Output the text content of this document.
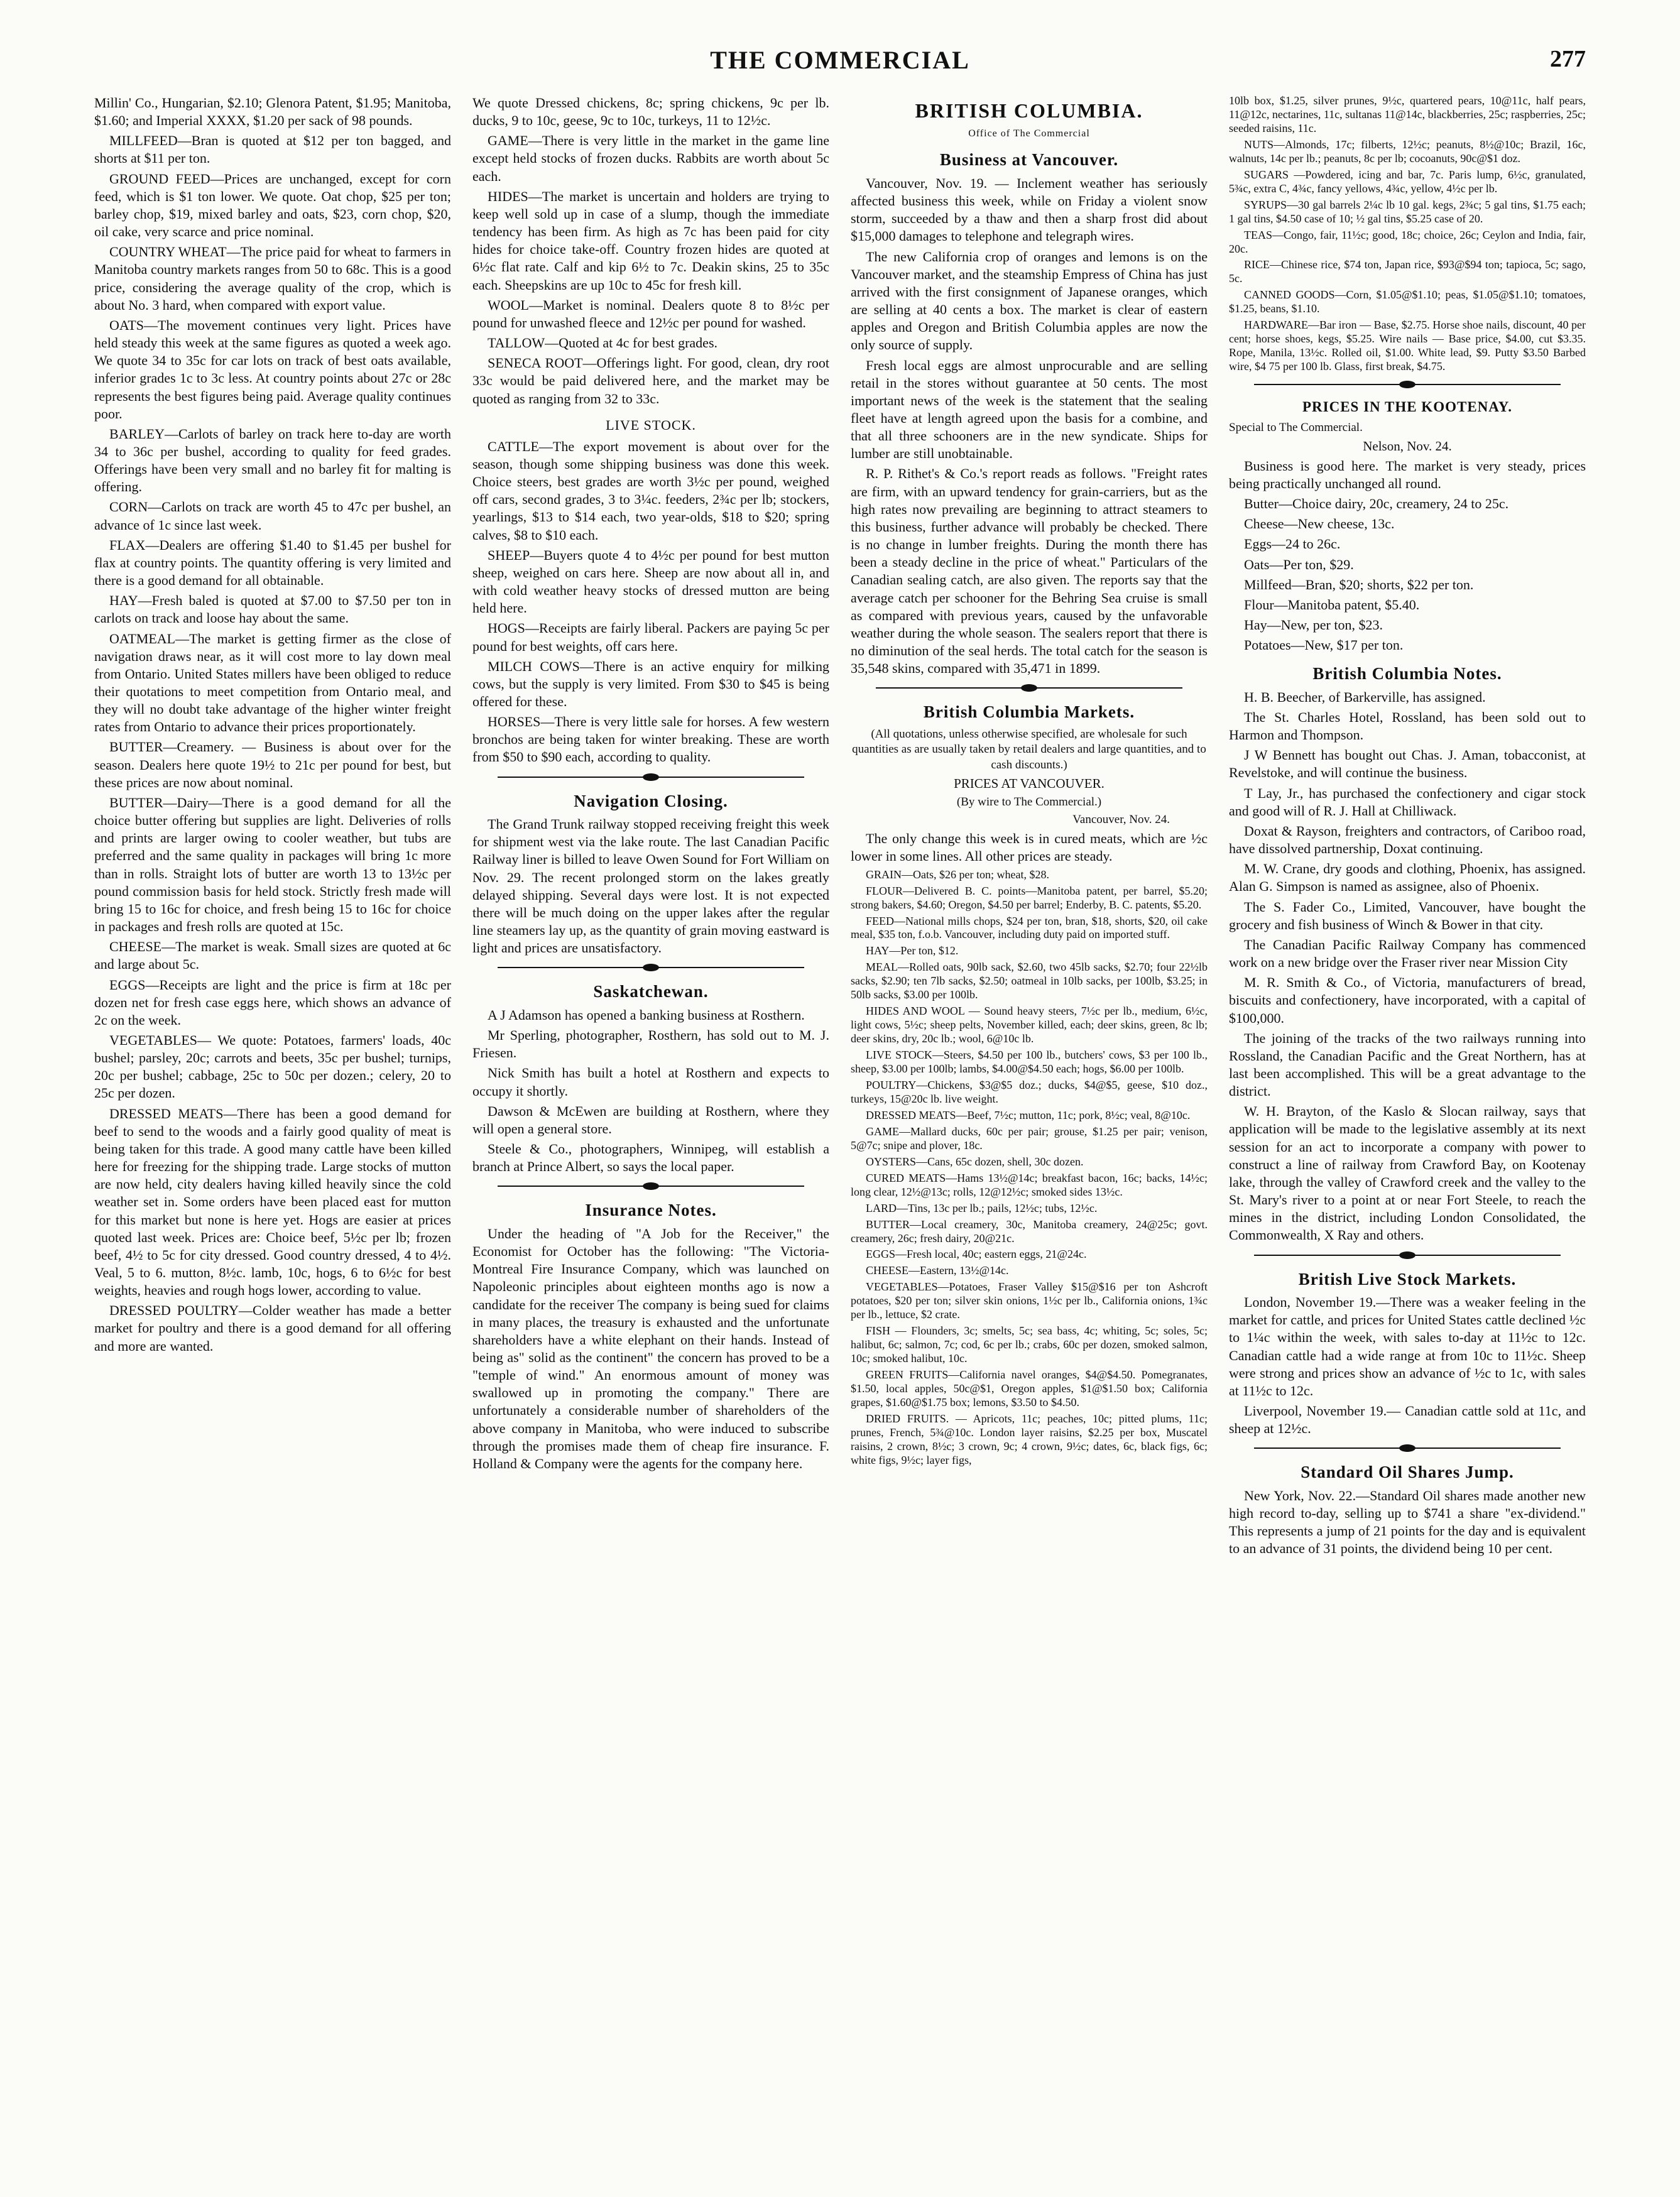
THE COMMERCIAL	277

Millin' Co., Hungarian, $2.10; Glenora Patent, $1.95; Manitoba, $1.60; and Imperial XXXX, $1.20 per sack of 98 pounds.

MILLFEED—Bran is quoted at $12 per ton bagged, and shorts at $11 per ton.

GROUND FEED—Prices are unchanged, except for corn feed, which is $1 ton lower. We quote. Oat chop, $25 per ton; barley chop, $19, mixed barley and oats, $23, corn chop, $20, oil cake, very scarce and price nominal.

COUNTRY WHEAT—The price paid for wheat to farmers in Manitoba country markets ranges from 50 to 68c. This is a good price, considering the average quality of the crop, which is about No. 3 hard, when compared with export value.

OATS—The movement continues very light. Prices have held steady this week at the same figures as quoted a week ago. We quote 34 to 35c for car lots on track of best oats available, inferior grades 1c to 3c less. At country points about 27c or 28c represents the best figures being paid. Average quality continues poor.

BARLEY—Carlots of barley on track here to-day are worth 34 to 36c per bushel, according to quality for feed grades. Offerings have been very small and no barley fit for malting is offering.

CORN—Carlots on track are worth 45 to 47c per bushel, an advance of 1c since last week.

FLAX—Dealers are offering $1.40 to $1.45 per bushel for flax at country points. The quantity offering is very limited and there is a good demand for all obtainable.

HAY—Fresh baled is quoted at $7.00 to $7.50 per ton in carlots on track and loose hay about the same.

OATMEAL—The market is getting firmer as the close of navigation draws near, as it will cost more to lay down meal from Ontario. United States millers have been obliged to reduce their quotations to meet competition from Ontario meal, and they will no doubt take advantage of the higher winter freight rates from Ontario to advance their prices proportionately.

BUTTER—Creamery. — Business is about over for the season. Dealers here quote 19½ to 21c per pound for best, but these prices are now about nominal.

BUTTER—Dairy—There is a good demand for all the choice butter offering but supplies are light. Deliveries of rolls and prints are larger owing to cooler weather, but tubs are preferred and the same quality in packages will bring 1c more than in rolls. Straight lots of butter are worth 13 to 13½c per pound commission basis for held stock. Strictly fresh made will bring 15 to 16c for choice, and fresh being 15 to 16c for choice in packages and fresh rolls are quoted at 15c.

CHEESE—The market is weak. Small sizes are quoted at 6c and large about 5c.

EGGS—Receipts are light and the price is firm at 18c per dozen net for fresh case eggs here, which shows an advance of 2c on the week.

VEGETABLES— We quote: Potatoes, farmers' loads, 40c bushel; parsley, 20c; carrots and beets, 35c per bushel; turnips, 20c per bushel; cabbage, 25c to 50c per dozen.; celery, 20 to 25c per dozen.

DRESSED MEATS—There has been a good demand for beef to send to the woods and a fairly good quality of meat is being taken for this trade. A good many cattle have been killed here for freezing for the shipping trade. Large stocks of mutton are now held, city dealers having killed heavily since the cold weather set in. Some orders have been placed east for mutton for this market but none is here yet. Hogs are easier at prices quoted last week. Prices are: Choice beef, 5½c per lb; frozen beef, 4½ to 5c for city dressed. Good country dressed, 4 to 4½. Veal, 5 to 6. mutton, 8½c. lamb, 10c, hogs, 6 to 6½c for best weights, heavies and rough hogs lower, according to value.

DRESSED POULTRY—Colder weather has made a better market for poultry and there is a good demand for all offering and more are wanted.

We quote Dressed chickens, 8c; spring chickens, 9c per lb. ducks, 9 to 10c, geese, 9c to 10c, turkeys, 11 to 12½c.

GAME—There is very little in the market in the game line except held stocks of frozen ducks. Rabbits are worth about 5c each.

HIDES—The market is uncertain and holders are trying to keep well sold up in case of a slump, though the immediate tendency has been firm. As high as 7c has been paid for city hides for choice take-off. Country frozen hides are quoted at 6½c flat rate. Calf and kip 6½ to 7c. Deakin skins, 25 to 35c each. Sheepskins are up 10c to 45c for fresh kill.

WOOL—Market is nominal. Dealers quote 8 to 8½c per pound for unwashed fleece and 12½c per pound for washed.

TALLOW—Quoted at 4c for best grades.

SENECA ROOT—Offerings light. For good, clean, dry root 33c would be paid delivered here, and the market may be quoted as ranging from 32 to 33c.

LIVE STOCK.

CATTLE—The export movement is about over for the season, though some shipping business was done this week. Choice steers, best grades are worth 3½c per pound, weighed off cars, second grades, 3 to 3¼c. feeders, 2¾c per lb; stockers, yearlings, $13 to $14 each, two year-olds, $18 to $20; spring calves, $8 to $10 each.

SHEEP—Buyers quote 4 to 4½c per pound for best mutton sheep, weighed on cars here. Sheep are now about all in, and with cold weather heavy stocks of dressed mutton are being held here.

HOGS—Receipts are fairly liberal. Packers are paying 5c per pound for best weights, off cars here.

MILCH COWS—There is an active enquiry for milking cows, but the supply is very limited. From $30 to $45 is being offered for these.

HORSES—There is very little sale for horses. A few western bronchos are being taken for winter breaking. These are worth from $50 to $90 each, according to quality.

Navigation Closing.

The Grand Trunk railway stopped receiving freight this week for shipment west via the lake route. The last Canadian Pacific Railway liner is billed to leave Owen Sound for Fort William on Nov. 29. The recent prolonged storm on the lakes greatly delayed shipping. Several days were lost. It is not expected there will be much doing on the upper lakes after the regular line steamers lay up, as the quantity of grain moving eastward is light and prices are unsatisfactory.

Saskatchewan.

A J Adamson has opened a banking business at Rosthern.

Mr Sperling, photographer, Rosthern, has sold out to M. J. Friesen.

Nick Smith has built a hotel at Rosthern and expects to occupy it shortly.

Dawson & McEwen are building at Rosthern, where they will open a general store.

Steele & Co., photographers, Winnipeg, will establish a branch at Prince Albert, so says the local paper.

Insurance Notes.

Under the heading of "A Job for the Receiver," the Economist for October has the following: "The Victoria-Montreal Fire Insurance Company, which was launched on Napoleonic principles about eighteen months ago is now a candidate for the receiver The company is being sued for claims in many places, the treasury is exhausted and the unfortunate shareholders have a white elephant on their hands. Instead of being as" solid as the continent" the concern has proved to be a "temple of wind." An enormous amount of money was swallowed up in promoting the company." There are unfortunately a considerable number of shareholders of the above company in Manitoba, who were induced to subscribe through the promises made them of cheap fire insurance. F. Holland & Company were the agents for the company here.

BRITISH COLUMBIA.
Office of The Commercial
Business at Vancouver.

Vancouver, Nov. 19. — Inclement weather has seriously affected business this week, while on Friday a violent snow storm, succeeded by a thaw and then a sharp frost did about $15,000 damages to telephone and telegraph wires.

The new California crop of oranges and lemons is on the Vancouver market, and the steamship Empress of China has just arrived with the first consignment of Japanese oranges, which are selling at 40 cents a box. The market is clear of eastern apples and Oregon and British Columbia apples are now the only source of supply.

Fresh local eggs are almost unprocurable and are selling retail in the stores without guarantee at 50 cents. The most important news of the week is the statement that the sealing fleet have at length agreed upon the basis for a combine, and that all three schooners are in the new syndicate. Ships for lumber are still unobtainable.

R. P. Rithet's & Co.'s report reads as follows. "Freight rates are firm, with an upward tendency for grain-carriers, but as the high rates now prevailing are beginning to attract steamers to this business, further advance will probably be checked. There is no change in lumber freights. During the month there has been a steady decline in the price of wheat." Particulars of the Canadian sealing catch, are also given. The reports say that the average catch per schooner for the Behring Sea cruise is small as compared with previous years, caused by the unfavorable weather during the whole season. The sealers report that there is no diminution of the seal herds. The total catch for the season is 35,548 skins, compared with 35,471 in 1899.

British Columbia Markets.

(All quotations, unless otherwise specified, are wholesale for such quantities as are usually taken by retail dealers and large quantities, and to cash discounts.)

PRICES AT VANCOUVER.

(By wire to The Commercial.)

Vancouver, Nov. 24.

The only change this week is in cured meats, which are ½c lower in some lines. All other prices are steady.

GRAIN—Oats, $26 per ton; wheat, $28.

FLOUR—Delivered B. C. points—Manitoba patent, per barrel, $5.20; strong bakers, $4.60; Oregon, $4.50 per barrel; Enderby, B. C. patents, $5.20.

FEED—National mills chops, $24 per ton, bran, $18, shorts, $20, oil cake meal, $35 ton, f.o.b. Vancouver, including duty paid on imported stuff.

HAY—Per ton, $12.

MEAL—Rolled oats, 90lb sack, $2.60, two 45lb sacks, $2.70; four 22½lb sacks, $2.90; ten 7lb sacks, $2.50; oatmeal in 10lb sacks, per 100lb, $3.25; in 50lb sacks, $3.00 per 100lb.

HIDES AND WOOL — Sound heavy steers, 7½c per lb., medium, 6½c, light cows, 5½c; sheep pelts, November killed, each; deer skins, green, 8c lb; deer skins, dry, 20c lb.; wool, 6@10c lb.

LIVE STOCK—Steers, $4.50 per 100 lb., butchers' cows, $3 per 100 lb., sheep, $3.00 per 100lb; lambs, $4.00@$4.50 each; hogs, $6.00 per 100lb.

POULTRY—Chickens, $3@$5 doz.; ducks, $4@$5, geese, $10 doz., turkeys, 15@20c lb. live weight.

DRESSED MEATS—Beef, 7½c; mutton, 11c; pork, 8½c; veal, 8@10c.

GAME—Mallard ducks, 60c per pair; grouse, $1.25 per pair; venison, 5@7c; snipe and plover, 18c.

OYSTERS—Cans, 65c dozen, shell, 30c dozen.

CURED MEATS—Hams 13½@14c; breakfast bacon, 16c; backs, 14½c; long clear, 12½@13c; rolls, 12@12½c; smoked sides 13½c.

LARD—Tins, 13c per lb.; pails, 12½c; tubs, 12½c.

BUTTER—Local creamery, 30c, Manitoba creamery, 24@25c; govt. creamery, 26c; fresh dairy, 20@21c.

EGGS—Fresh local, 40c; eastern eggs, 21@24c.

CHEESE—Eastern, 13½@14c.

VEGETABLES—Potatoes, Fraser Valley $15@$16 per ton Ashcroft potatoes, $20 per ton; silver skin onions, 1½c per lb., California onions, 1¾c per lb., lettuce, $2 crate.

FISH — Flounders, 3c; smelts, 5c; sea bass, 4c; whiting, 5c; soles, 5c; halibut, 6c; salmon, 7c; cod, 6c per lb.; crabs, 60c per dozen, smoked salmon, 10c; smoked halibut, 10c.

GREEN FRUITS—California navel oranges, $4@$4.50. Pomegranates, $1.50, local apples, 50c@$1, Oregon apples, $1@$1.50 box; California grapes, $1.60@$1.75 box; lemons, $3.50 to $4.50.

DRIED FRUITS. — Apricots, 11c; peaches, 10c; pitted plums, 11c; prunes, French, 5¾@10c. London layer raisins, $2.25 per box, Muscatel raisins, 2 crown, 8½c; 3 crown, 9c; 4 crown, 9½c; dates, 6c, black figs, 6c; white figs, 9½c; layer figs,

10lb box, $1.25, silver prunes, 9½c, quartered pears, 10@11c, half pears, 11@12c, nectarines, 11c, sultanas 11@14c, blackberries, 25c; raspberries, 25c; seeded raisins, 11c.

NUTS—Almonds, 17c; filberts, 12½c; peanuts, 8½@10c; Brazil, 16c, walnuts, 14c per lb.; peanuts, 8c per lb; cocoanuts, 90c@$1 doz.

SUGARS —Powdered, icing and bar, 7c. Paris lump, 6½c, granulated, 5¾c, extra C, 4¾c, fancy yellows, 4¾c, yellow, 4½c per lb.

SYRUPS—30 gal barrels 2¼c lb 10 gal. kegs, 2¾c; 5 gal tins, $1.75 each; 1 gal tins, $4.50 case of 10; ½ gal tins, $5.25 case of 20.

TEAS—Congo, fair, 11½c; good, 18c; choice, 26c; Ceylon and India, fair, 20c.

RICE—Chinese rice, $74 ton, Japan rice, $93@$94 ton; tapioca, 5c; sago, 5c.

CANNED GOODS—Corn, $1.05@$1.10; peas, $1.05@$1.10; tomatoes, $1.25, beans, $1.10.

HARDWARE—Bar iron — Base, $2.75. Horse shoe nails, discount, 40 per cent; horse shoes, kegs, $5.25. Wire nails — Base price, $4.00, cut $3.35. Rope, Manila, 13½c. Rolled oil, $1.00. White lead, $9. Putty $3.50 Barbed wire, $4 75 per 100 lb. Glass, first break, $4.75.

PRICES IN THE KOOTENAY.

Special to The Commercial.

Nelson, Nov. 24.

Business is good here. The market is very steady, prices being practically unchanged all round.

Butter—Choice dairy, 20c, creamery, 24 to 25c.

Cheese—New cheese, 13c.

Eggs—24 to 26c.

Oats—Per ton, $29.

Millfeed—Bran, $20; shorts, $22 per ton.

Flour—Manitoba patent, $5.40.

Hay—New, per ton, $23.

Potatoes—New, $17 per ton.

British Columbia Notes.

H. B. Beecher, of Barkerville, has assigned.

The St. Charles Hotel, Rossland, has been sold out to Harmon and Thompson.

J W Bennett has bought out Chas. J. Aman, tobacconist, at Revelstoke, and will continue the business.

T Lay, Jr., has purchased the confectionery and cigar stock and good will of R. J. Hall at Chilliwack.

Doxat & Rayson, freighters and contractors, of Cariboo road, have dissolved partnership, Doxat continuing.

M. W. Crane, dry goods and clothing, Phoenix, has assigned. Alan G. Simpson is named as assignee, also of Phoenix.

The S. Fader Co., Limited, Vancouver, have bought the grocery and fish business of Winch & Bower in that city.

The Canadian Pacific Railway Company has commenced work on a new bridge over the Fraser river near Mission City

M. R. Smith & Co., of Victoria, manufacturers of bread, biscuits and confectionery, have incorporated, with a capital of $100,000.

The joining of the tracks of the two railways running into Rossland, the Canadian Pacific and the Great Northern, has at last been accomplished. This will be a great advantage to the district.

W. H. Brayton, of the Kaslo & Slocan railway, says that application will be made to the legislative assembly at its next session for an act to incorporate a company with power to construct a line of railway from Crawford Bay, on Kootenay lake, through the valley of Crawford creek and the valley to the St. Mary's river to a point at or near Fort Steele, to reach the mines in the district, including London Consolidated, the Commonwealth, X Ray and others.

British Live Stock Markets.

London, November 19.—There was a weaker feeling in the market for cattle, and prices for United States cattle declined ½c to 1¼c within the week, with sales to-day at 11½c to 12c. Canadian cattle had a wide range at from 10c to 11½c. Sheep were strong and prices show an advance of ½c to 1c, with sales at 11½c to 12c.

Liverpool, November 19.— Canadian cattle sold at 11c, and sheep at 12½c.

Standard Oil Shares Jump.

New York, Nov. 22.—Standard Oil shares made another new high record to-day, selling up to $741 a share "ex-dividend." This represents a jump of 21 points for the day and is equivalent to an advance of 31 points, the dividend being 10 per cent.
